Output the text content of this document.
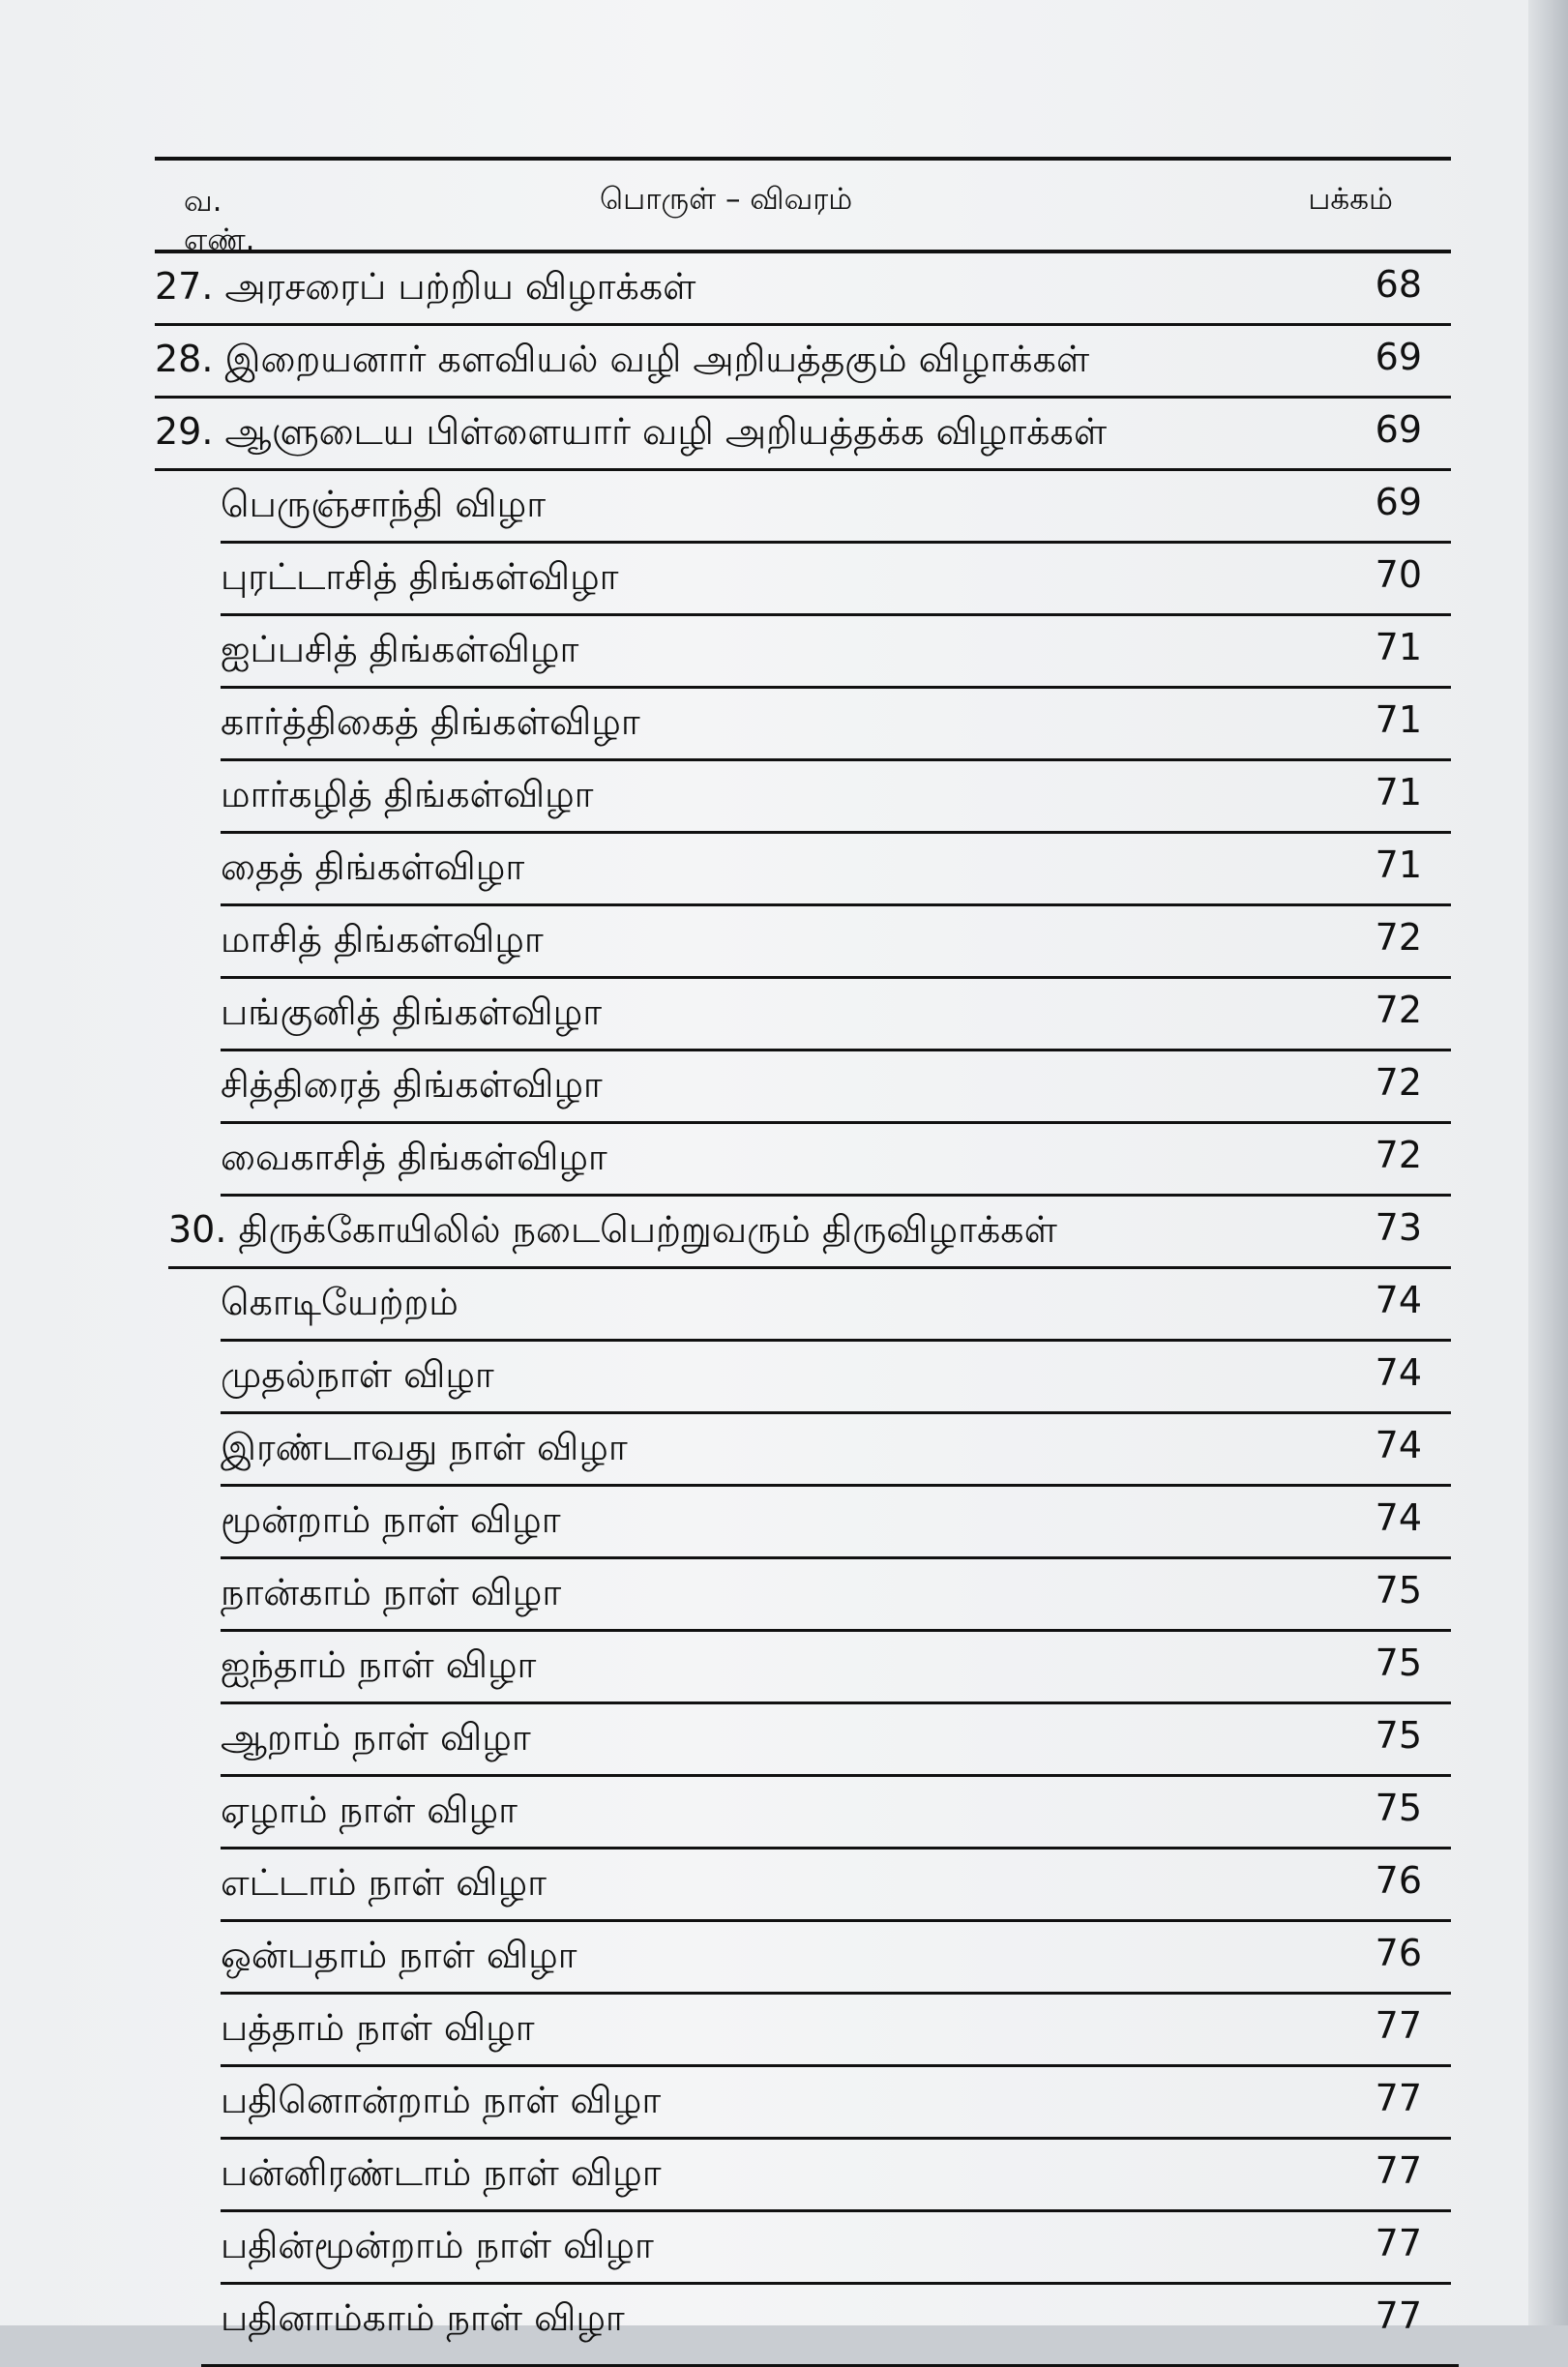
வ.
எண்.
பொருள் – விவரம்	பக்கம்
27. அரசரைப் பற்றிய விழாக்கள்	68
28. இறையனார் களவியல் வழி அறியத்தகும் விழாக்கள்	69
29. ஆளுடைய பிள்ளையார் வழி அறியத்தக்க விழாக்கள்	69
பெருஞ்சாந்தி விழா	69
புரட்டாசித் திங்கள்விழா	70
ஐப்பசித் திங்கள்விழா	71
கார்த்திகைத் திங்கள்விழா	71
மார்கழித் திங்கள்விழா	71
தைத் திங்கள்விழா	71
மாசித் திங்கள்விழா	72
பங்குனித் திங்கள்விழா	72
சித்திரைத் திங்கள்விழா	72
வைகாசித் திங்கள்விழா	72
30. திருக்கோயிலில் நடைபெற்றுவரும் திருவிழாக்கள்	73
கொடியேற்றம்	74
முதல்நாள் விழா	74
இரண்டாவது நாள் விழா	74
மூன்றாம் நாள் விழா	74
நான்காம் நாள் விழா	75
ஐந்தாம் நாள் விழா	75
ஆறாம் நாள் விழா	75
ஏழாம் நாள் விழா	75
எட்டாம் நாள் விழா	76
ஒன்பதாம் நாள் விழா	76
பத்தாம் நாள் விழா	77
பதினொன்றாம் நாள் விழா	77
பன்னிரண்டாம் நாள் விழா	77
பதின்மூன்றாம் நாள் விழா	77
பதினாம்காம் நாள் விழா	77
